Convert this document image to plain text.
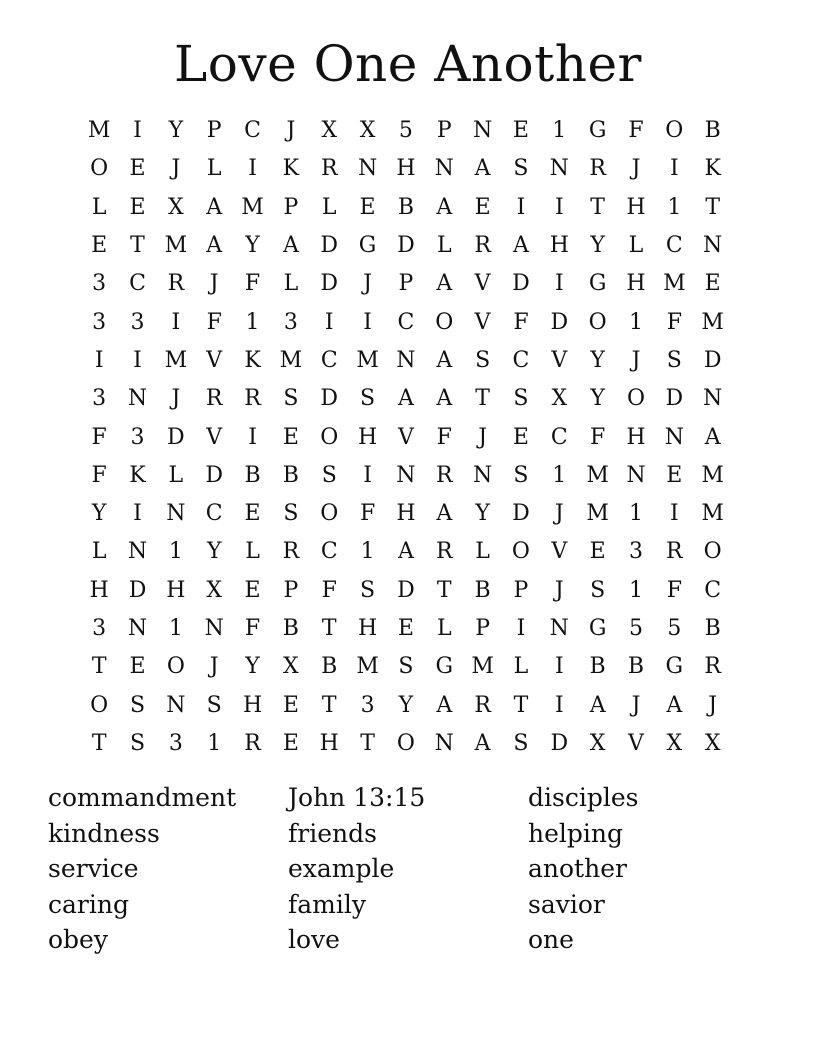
Love One Another
M	I	Y	P	C	J	X	X	5	P N E	1	G F O B
O E	J	L	I	K R N H N A	S N R	J	I	K
L	E	X	A M P	L	E	B	A	E	I	I	T H 1	T
E	T M A	Y	A D G D	L	R	A H Y	L	C N
3	C R	J	F	L	D	J	P	A	V D	I	G H M E
3	3	I	F	1	3	I	I	C O V	F D O	1	F M
I	I	M V	K M C M N A	S	C V	Y	J	S D
3 N	J	R R	S D S	A	A	T	S	X	Y	O D N
F	3	D V	I	E O H V	F	J	E C	F H N A
F	K	L	D B	B	S	I	N R N S	1 M N E M
Y	I	N C E	S O F H A	Y	D	J	M 1	I	M
L N 1	Y	L	R C	1	A	R	L	O V	E	3	R O
H D H X	E	P	F	S D	T	B	P	J	S	1	F	C
3 N 1 N F	B	T H E	L	P	I	N G	5	5	B
T	E O	J	Y	X	B M S	G M L	I	B	B G R
O S N S H E	T	3	Y	A	R	T	I	A	J	A	J
T	S	3	1	R	E H T O N A	S D X	V	X	X
commandment	John 13:15	disciples
kindness	friends	helping
service	example	another
caring	family	savior
obey	love	one
